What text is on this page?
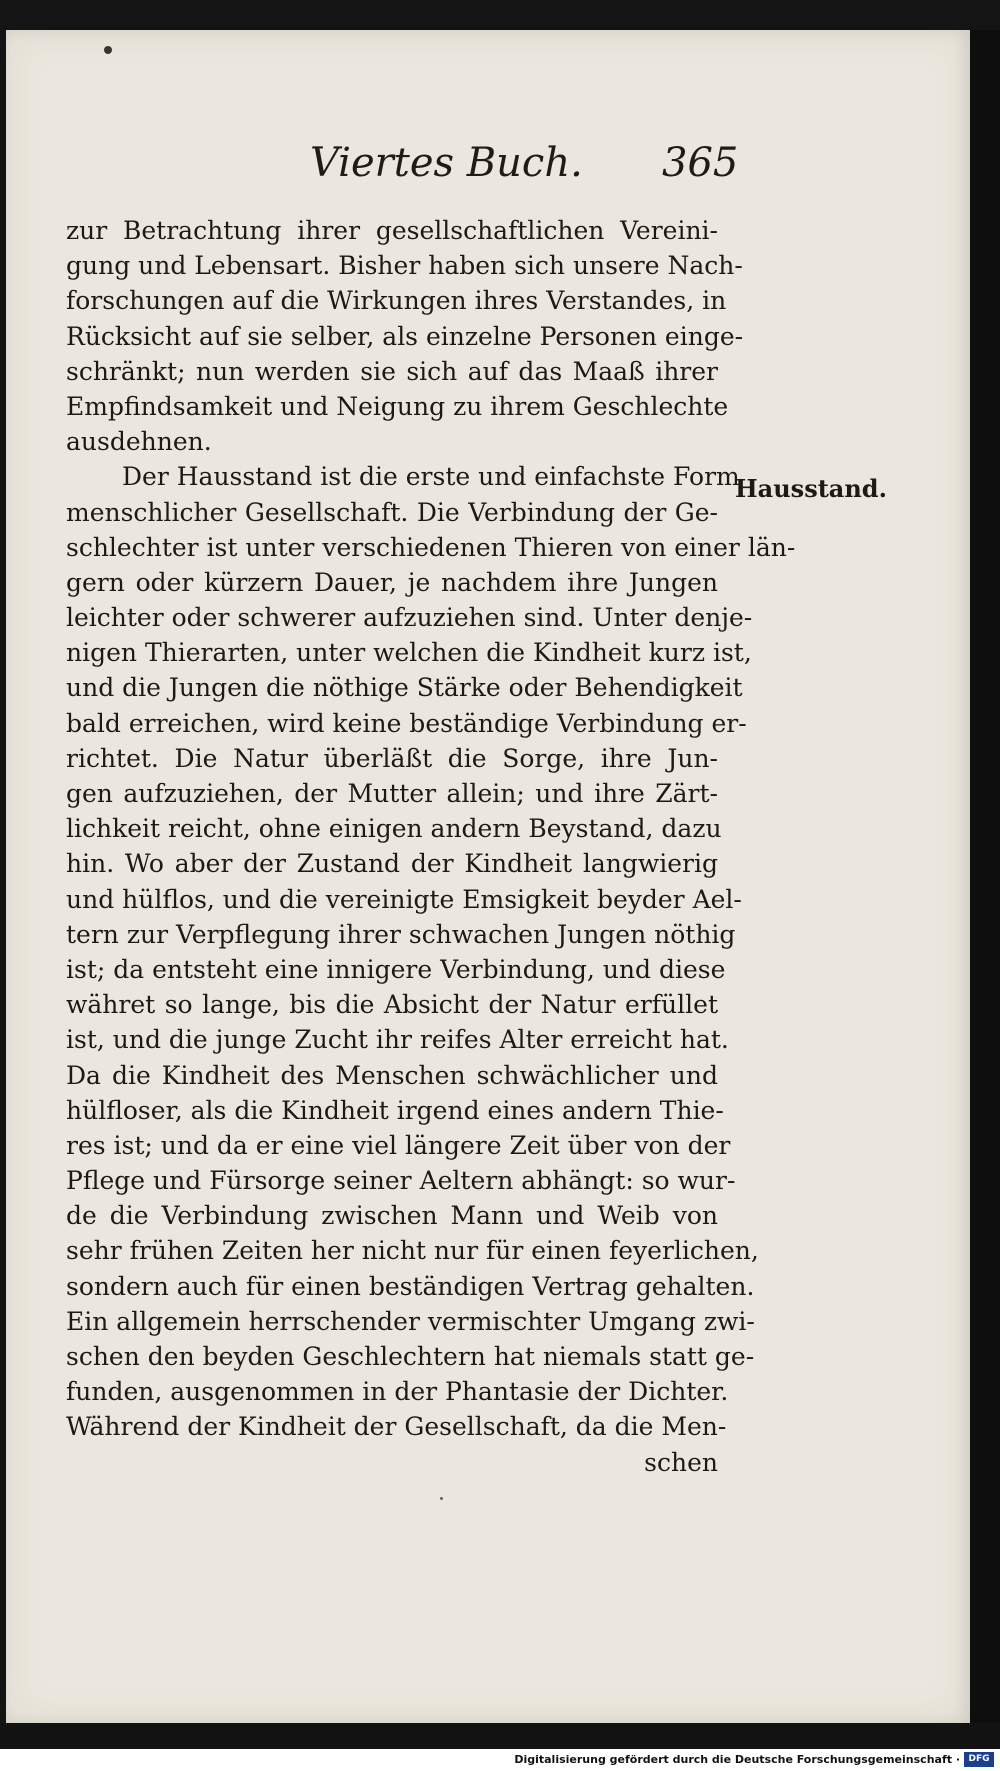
Viertes Buch. 365
Hausstand.
zur Betrachtung ihrer gesellschaftlichen Vereini-
gung und Lebensart. Bisher haben sich unsere Nach-
forschungen auf die Wirkungen ihres Verstandes, in
Rücksicht auf sie selber, als einzelne Personen einge-
schränkt; nun werden sie sich auf das Maaß ihrer
Empfindsamkeit und Neigung zu ihrem Geschlechte
ausdehnen.
Der Hausstand ist die erste und einfachste Form
menschlicher Gesellschaft. Die Verbindung der Ge-
schlechter ist unter verschiedenen Thieren von einer län-
gern oder kürzern Dauer, je nachdem ihre Jungen
leichter oder schwerer aufzuziehen sind. Unter denje-
nigen Thierarten, unter welchen die Kindheit kurz ist,
und die Jungen die nöthige Stärke oder Behendigkeit
bald erreichen, wird keine beständige Verbindung er-
richtet. Die Natur überläßt die Sorge, ihre Jun-
gen aufzuziehen, der Mutter allein; und ihre Zärt-
lichkeit reicht, ohne einigen andern Beystand, dazu
hin. Wo aber der Zustand der Kindheit langwierig
und hülflos, und die vereinigte Emsigkeit beyder Ael-
tern zur Verpflegung ihrer schwachen Jungen nöthig
ist; da entsteht eine innigere Verbindung, und diese
währet so lange, bis die Absicht der Natur erfüllet
ist, und die junge Zucht ihr reifes Alter erreicht hat.
Da die Kindheit des Menschen schwächlicher und
hülfloser, als die Kindheit irgend eines andern Thie-
res ist; und da er eine viel längere Zeit über von der
Pflege und Fürsorge seiner Aeltern abhängt: so wur-
de die Verbindung zwischen Mann und Weib von
sehr frühen Zeiten her nicht nur für einen feyerlichen,
sondern auch für einen beständigen Vertrag gehalten.
Ein allgemein herrschender vermischter Umgang zwi-
schen den beyden Geschlechtern hat niemals statt ge-
funden, ausgenommen in der Phantasie der Dichter.
Während der Kindheit der Gesellschaft, da die Men-
schen
Digitalisierung gefördert durch die Deutsche Forschungsgemeinschaft · DFG
